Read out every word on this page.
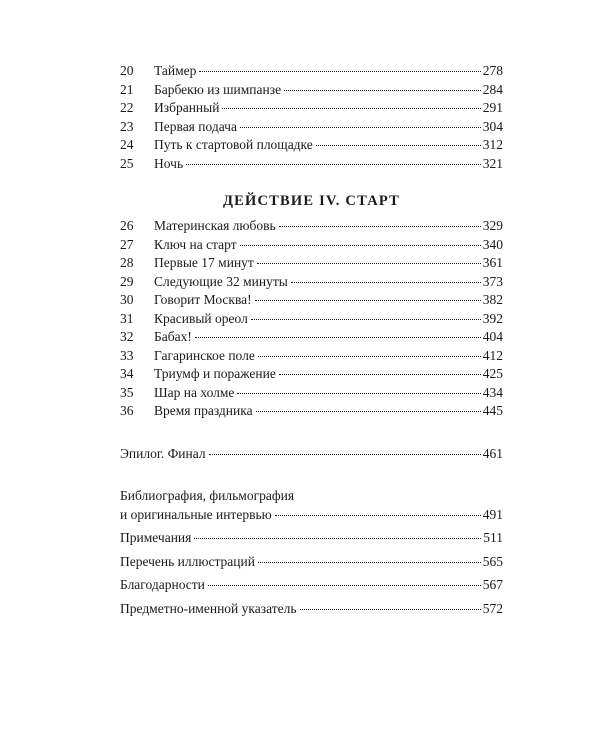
20	Таймер	278
21	Барбекю из шимпанзе	284
22	Избранный	291
23	Первая подача	304
24	Путь к стартовой площадке	312
25	Ночь	321
ДЕЙСТВИЕ IV. СТАРТ
26	Материнская любовь	329
27	Ключ на старт	340
28	Первые 17 минут	361
29	Следующие 32 минуты	373
30	Говорит Москва!	382
31	Красивый ореол	392
32	Бабах!	404
33	Гагаринское поле	412
34	Триумф и поражение	425
35	Шар на холме	434
36	Время праздника	445
Эпилог. Финал	461
Библиография, фильмография
и оригинальные интервью	491
Примечания	511
Перечень иллюстраций	565
Благодарности	567
Предметно-именной указатель	572
